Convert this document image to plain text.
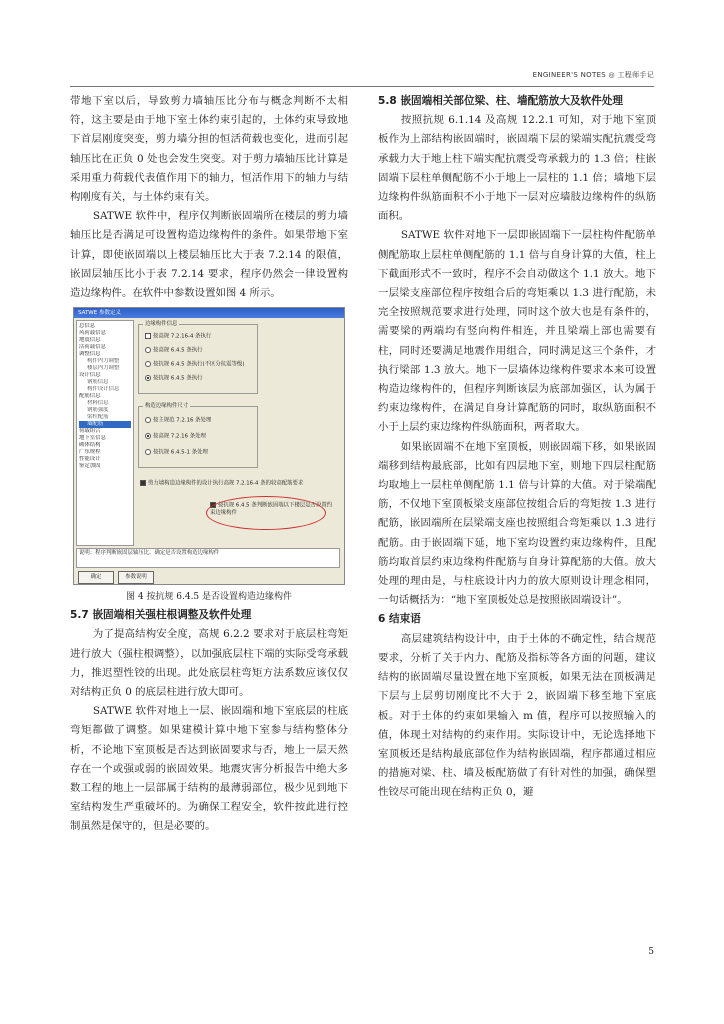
ENGINEER'S NOTES ◎ 工程师手记

带地下室以后，导致剪力墙轴压比分布与概念判断不太相符，这主要是由于地下室土体约束引起的，土体约束导致地下首层刚度突变，剪力墙分担的恒活荷载也变化，进而引起轴压比在正负 0 处也会发生突变。对于剪力墙轴压比计算是采用重力荷载代表值作用下的轴力，恒活作用下的轴力与结构刚度有关，与土体约束有关。

SATWE 软件中，程序仅判断嵌固端所在楼层的剪力墙轴压比是否满足可设置构造边缘构件的条件。如果带地下室计算，即使嵌固端以上楼层轴压比大于表 7.2.14 的限值，嵌固层轴压比小于表 7.2.14 要求，程序仍然会一律设置构造边缘构件。在软件中参数设置如图 4 所示。

SATWE 参数定义
总信息
风荷载信息
地震信息
活荷载信息
调整信息
构件内力调整
楼层内力调整
设计信息
钢筋信息
构件设计信息
配筋信息
材料信息
钢筋强度
梁柱配筋
墙配筋
荷载组合
地下室信息
砌体结构
广东规程
性能设计
鉴定加固
边缘构件信息
按高规 7.2.16-4 条执行
按高规 6.4.5 条执行
按抗规 6.4.5 条执行(不区分抗震等级)
按抗规 6.4.5 条执行
构造边缘构件尺寸
按主规范 7.2.16 条处理
按高规 7.2.16 条处理
按抗规 6.4.5-1 条处理
剪力墙构造边缘构件的设计执行高规 7.2.16-4 条的较高配筋要求
按抗规 6.4.5 条判断嵌固端以下楼层是否设置约束边缘构件
说明：程序判断嵌固层轴压比，确定是否设置构造边缘构件
确定	参数说明
图 4 按抗规 6.4.5 是否设置构造边缘构件

5.7 嵌固端相关强柱根调整及软件处理

为了提高结构安全度，高规 6.2.2 要求对于底层柱弯矩进行放大（强柱根调整），以加强底层柱下端的实际受弯承载力，推迟塑性铰的出现。此处底层柱弯矩方法系数应该仅仅对结构正负 0 的底层柱进行放大即可。

SATWE 软件对地上一层、嵌固端和地下室底层的柱底弯矩都做了调整。如果建模计算中地下室参与结构整体分析，不论地下室顶板是否达到嵌固要求与否，地上一层天然存在一个或强或弱的嵌固效果。地震灾害分析报告中绝大多数工程的地上一层部属于结构的最薄弱部位，极少见到地下室结构发生严重破坏的。为确保工程安全，软件按此进行控制虽然是保守的，但是必要的。

5.8 嵌固端相关部位梁、柱、墙配筋放大及软件处理

按照抗规 6.1.14 及高规 12.2.1 可知，对于地下室顶板作为上部结构嵌固端时，嵌固端下层的梁端实配抗震受弯承载力大于地上柱下端实配抗震受弯承载力的 1.3 倍；柱嵌固端下层柱单侧配筋不小于地上一层柱的 1.1 倍；墙地下层边缘构件纵筋面积不小于地下一层对应墙肢边缘构件的纵筋面积。

SATWE 软件对地下一层即嵌固端下一层柱构件配筋单侧配筋取上层柱单侧配筋的 1.1 倍与自身计算的大值，柱上下截面形式不一致时，程序不会自动做这个 1.1 放大。地下一层梁支座部位程序按组合后的弯矩乘以 1.3 进行配筋，未完全按照规范要求进行处理，同时这个放大也是有条件的，需要梁的两端均有竖向构件相连，并且梁端上部也需要有柱，同时还要满足地震作用组合，同时满足这三个条件，才执行梁部 1.3 放大。地下一层墙体边缘构件要求本来可设置构造边缘构件的，但程序判断该层为底部加强区，认为属于约束边缘构件，在满足自身计算配筋的同时，取纵筋面积不小于上层约束边缘构件纵筋面积，两者取大。

如果嵌固端不在地下室顶板，则嵌固端下移，如果嵌固端移到结构最底部，比如有四层地下室，则地下四层柱配筋均取地上一层柱单侧配筋 1.1 倍与计算的大值。对于梁端配筋，不仅地下室顶板梁支座部位按组合后的弯矩按 1.3 进行配筋，嵌固端所在层梁端支座也按照组合弯矩乘以 1.3 进行配筋。由于嵌固端下延，地下室均设置约束边缘构件，且配筋均取首层约束边缘构件配筋与自身计算配筋的大值。放大处理的理由是，与柱底设计内力的放大原则设计理念相同，一句话概括为：“地下室顶板处总是按照嵌固端设计”。

6 结束语

高层建筑结构设计中，由于土体的不确定性，结合规范要求，分析了关于内力、配筋及指标等各方面的问题，建议结构的嵌固端尽量设置在地下室顶板，如果无法在顶板满足下层与上层剪切刚度比不大于 2，嵌固端下移至地下室底板。对于土体的约束如果输入 m 值，程序可以按照输入的值，体现土对结构的约束作用。实际设计中，无论选择地下室顶板还是结构最底部位作为结构嵌固端，程序都通过相应的措施对梁、柱、墙及板配筋做了有针对性的加强，确保塑性铰尽可能出现在结构正负 0，避

5
